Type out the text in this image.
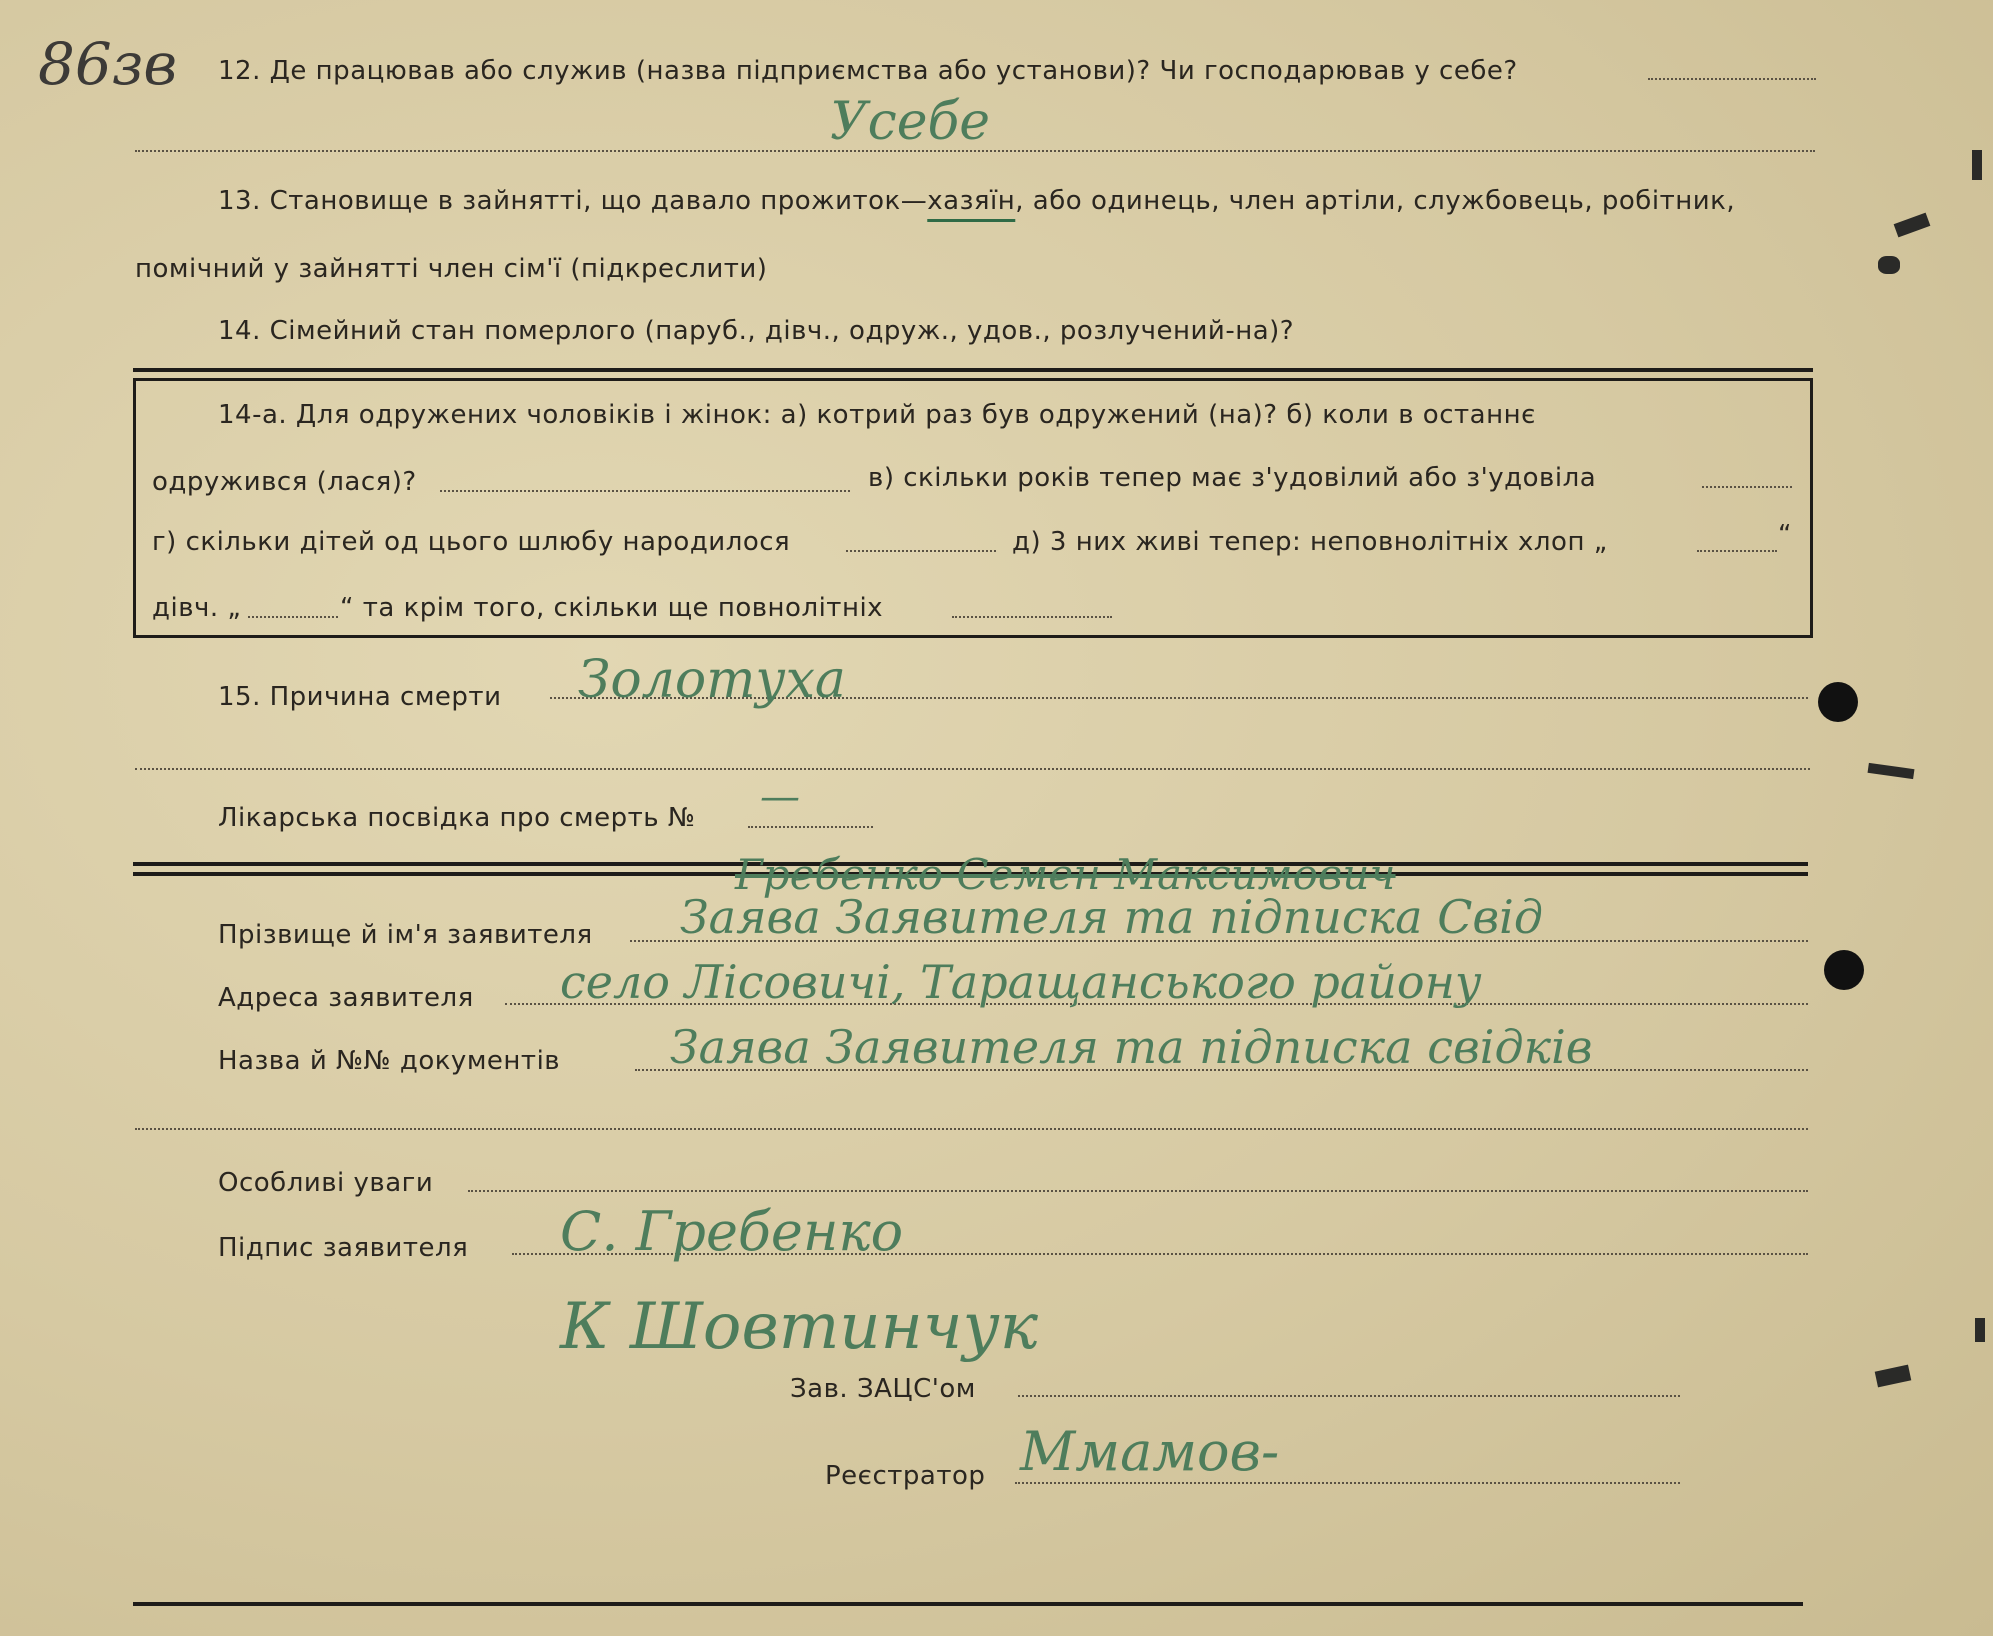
86зв 12. Де працював або служив (назва підприємства або установи)? Чи господарював у себе?
Усебе
13. Становище в зайнятті, що давало прожиток—хазяїн, або одинець, член артіли, службовець, робітник,
помічний у зайнятті член сім'ї (підкреслити)
14. Сімейний стан померлого (паруб., дівч., одруж., удов., розлучений-на)?
14-а. Для одружених чоловіків і жінок: а) котрий раз був одружений (на)? б) коли в останнє
одружився (лася)?	в) скільки років тепер має з'удовілий або з'удовіла
г) скільки дітей од цього шлюбу народилося	д) 3 них живі тепер: неповнолітніх хлоп „	“
дівч. „	“ та крім того, скільки ще повнолітніх
15. Причина смерти Золотуха
Лікарська посвідка про смерть № —
Гребенко Семен Максимович
Прізвище й ім'я заявителя Заява Заявителя та підписка Свід
Адреса заявителя село Лісовичі, Таращанського району
Назва й №№ документів Заява Заявителя та підписка свідків
Особливі уваги
Підпис заявителя С. Гребенко
К Шовтинчук
Зав. ЗАЦС'ом
Реєстратор Ммамов-
